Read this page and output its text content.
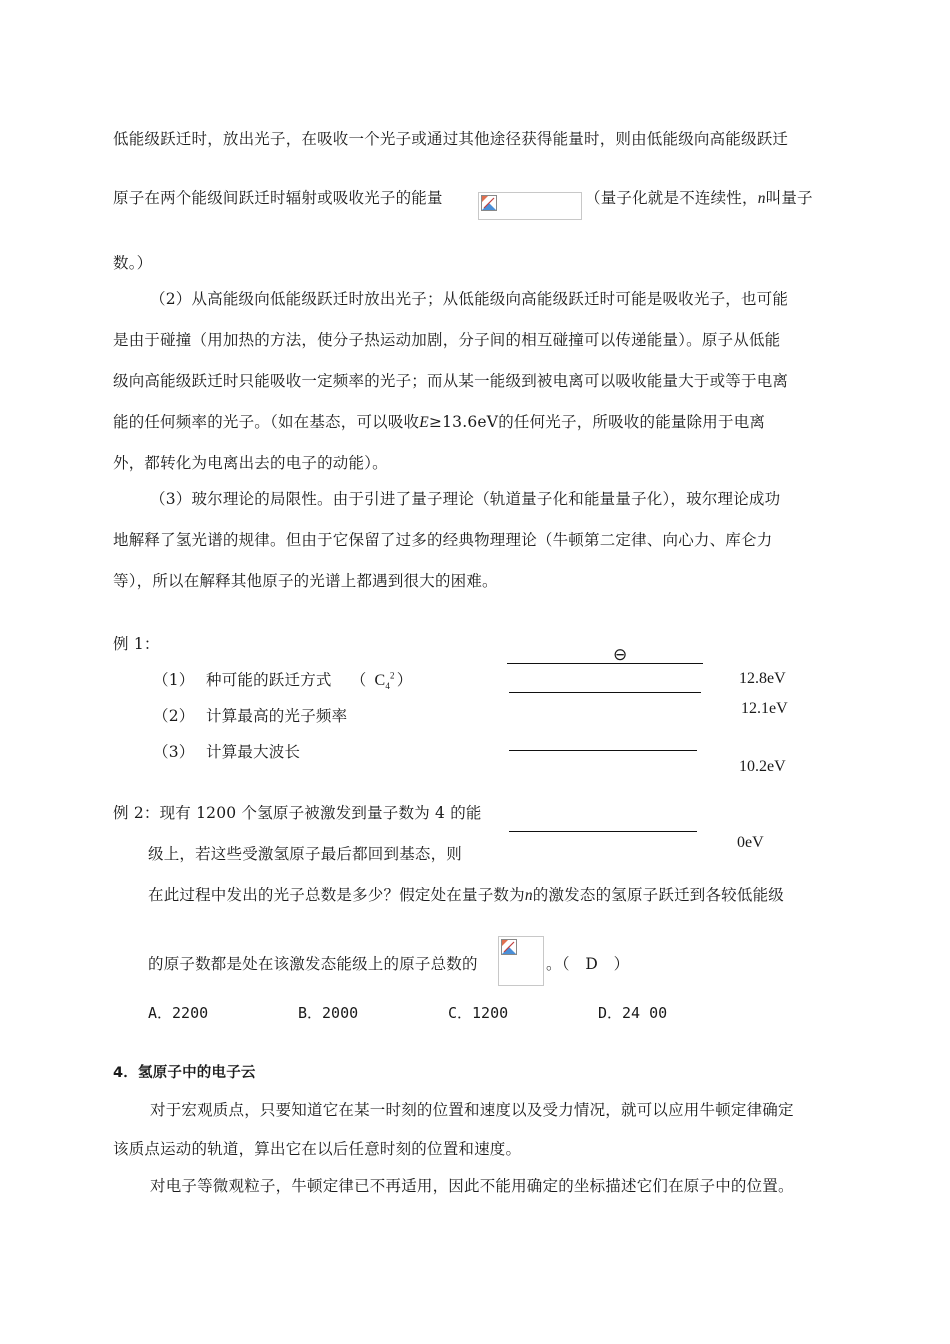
低能级跃迁时，放出光子，在吸收一个光子或通过其他途径获得能量时，则由低能级向高能级跃迁
原子在两个能级间跃迁时辐射或吸收光子的能量	（量子化就是不连续性，n叫量子
数。）
（2）从高能级向低能级跃迁时放出光子；从低能级向高能级跃迁时可能是吸收光子，也可能
是由于碰撞（用加热的方法，使分子热运动加剧，分子间的相互碰撞可以传递能量）。原子从低能
级向高能级跃迁时只能吸收一定频率的光子；而从某一能级到被电离可以吸收能量大于或等于电离
能的任何频率的光子。（如在基态，可以吸收E≥13.6eV的任何光子，所吸收的能量除用于电离
外，都转化为电离出去的电子的动能）。
（3）玻尔理论的局限性。由于引进了量子理论（轨道量子化和能量量子化），玻尔理论成功
地解释了氢光谱的规律。但由于它保留了过多的经典物理理论（牛顿第二定律、向心力、库仑力
等），所以在解释其他原子的光谱上都遇到很大的困难。
例 1：
（1） 种可能的跃迁方式 （ $C_4^2$ ）
（2） 计算最高的光子频率
（3） 计算最大波长
⊖
12.8eV
12.1eV
10.2eV
0eV
例 2：现有 1200 个氢原子被激发到量子数为 4 的能
级上，若这些受激氢原子最后都回到基态，则
在此过程中发出的光子总数是多少？假定处在量子数为n的激发态的氢原子跃迁到各较低能级
的原子数都是处在该激发态能级上的原子总数的	。（　D　）
A．2200	B．2000	C．1200	D．24 00
4．氢原子中的电子云
对于宏观质点，只要知道它在某一时刻的位置和速度以及受力情况，就可以应用牛顿定律确定
该质点运动的轨道，算出它在以后任意时刻的位置和速度。
对电子等微观粒子，牛顿定律已不再适用，因此不能用确定的坐标描述它们在原子中的位置。
